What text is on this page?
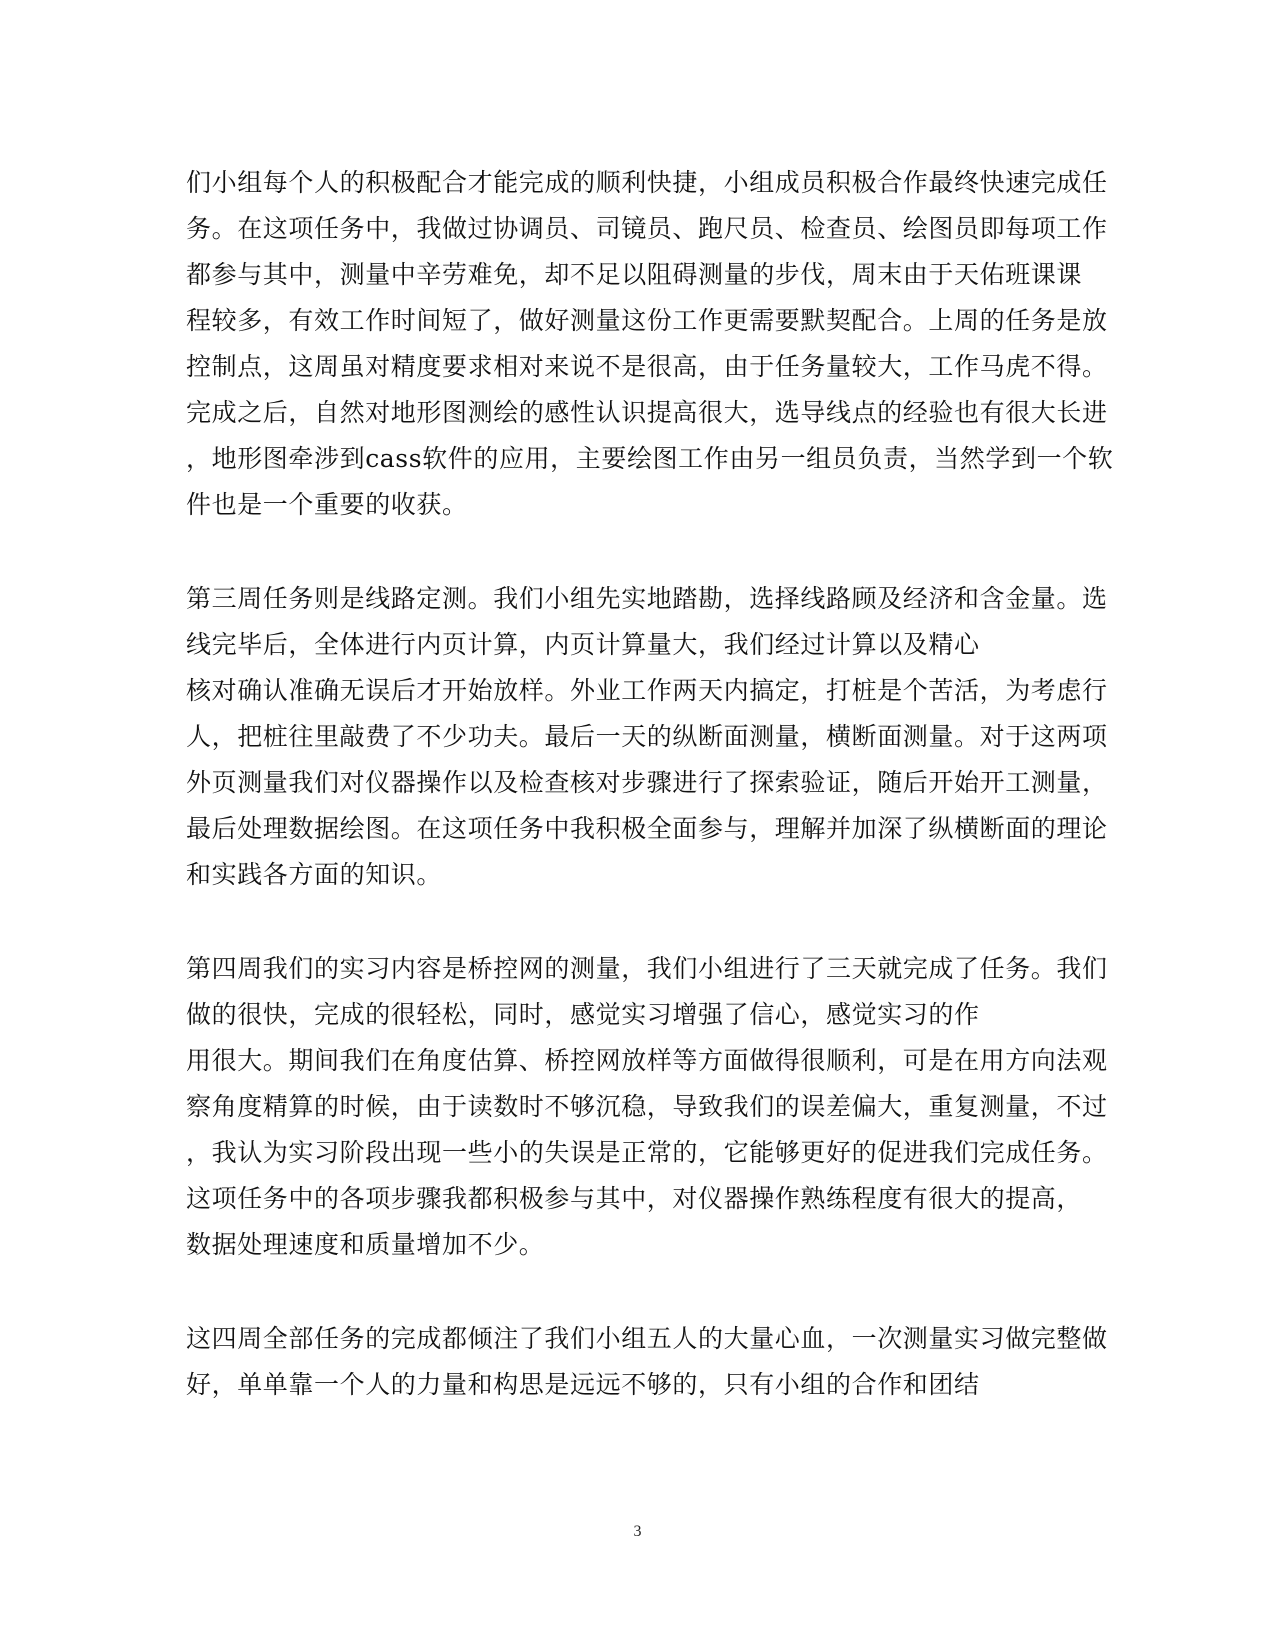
们小组每个人的积极配合才能完成的顺利快捷，小组成员积极合作最终快速完成任
务。在这项任务中，我做过协调员、司镜员、跑尺员、检查员、绘图员即每项工作
都参与其中，测量中辛劳难免，却不足以阻碍测量的步伐，周末由于天佑班课课
程较多，有效工作时间短了，做好测量这份工作更需要默契配合。上周的任务是放
控制点，这周虽对精度要求相对来说不是很高，由于任务量较大，工作马虎不得。
完成之后，自然对地形图测绘的感性认识提高很大，选导线点的经验也有很大长进
，地形图牵涉到cass软件的应用，主要绘图工作由另一组员负责，当然学到一个软
件也是一个重要的收获。
第三周任务则是线路定测。我们小组先实地踏勘，选择线路顾及经济和含金量。选
线完毕后，全体进行内页计算，内页计算量大，我们经过计算以及精心
核对确认准确无误后才开始放样。外业工作两天内搞定，打桩是个苦活，为考虑行
人，把桩往里敲费了不少功夫。最后一天的纵断面测量，横断面测量。对于这两项
外页测量我们对仪器操作以及检查核对步骤进行了探索验证，随后开始开工测量，
最后处理数据绘图。在这项任务中我积极全面参与，理解并加深了纵横断面的理论
和实践各方面的知识。
第四周我们的实习内容是桥控网的测量，我们小组进行了三天就完成了任务。我们
做的很快，完成的很轻松，同时，感觉实习增强了信心，感觉实习的作
用很大。期间我们在角度估算、桥控网放样等方面做得很顺利，可是在用方向法观
察角度精算的时候，由于读数时不够沉稳，导致我们的误差偏大，重复测量，不过
，我认为实习阶段出现一些小的失误是正常的，它能够更好的促进我们完成任务。
这项任务中的各项步骤我都积极参与其中，对仪器操作熟练程度有很大的提高，
数据处理速度和质量增加不少。
这四周全部任务的完成都倾注了我们小组五人的大量心血，一次测量实习做完整做
好，单单靠一个人的力量和构思是远远不够的，只有小组的合作和团结
3
